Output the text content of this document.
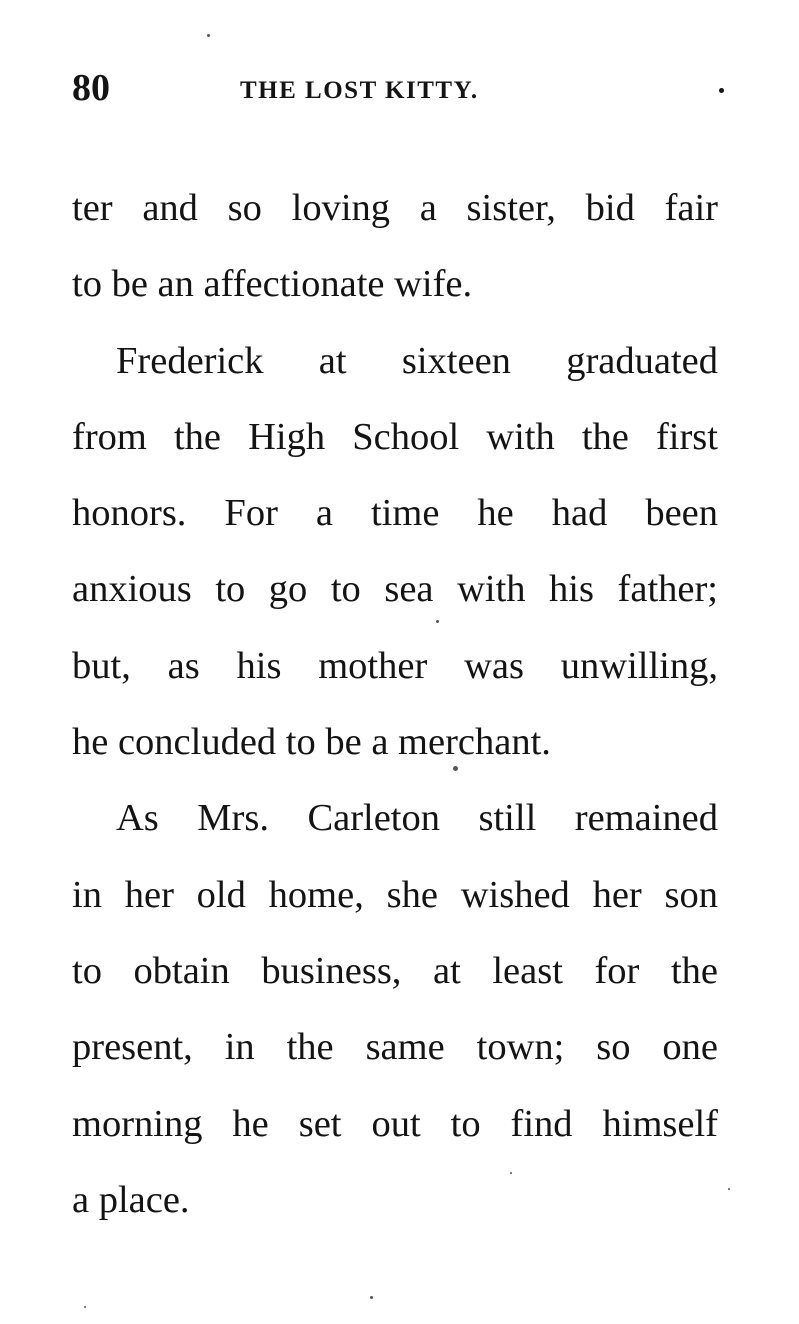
80	THE LOST KITTY.
ter and so loving a sister, bid fair
to be an affectionate wife.
Frederick at sixteen graduated
from the High School with the first
honors. For a time he had been
anxious to go to sea with his father;
but, as his mother was unwilling,
he concluded to be a merchant.
As Mrs. Carleton still remained
in her old home, she wished her son
to obtain business, at least for the
present, in the same town; so one
morning he set out to find himself
a place.
